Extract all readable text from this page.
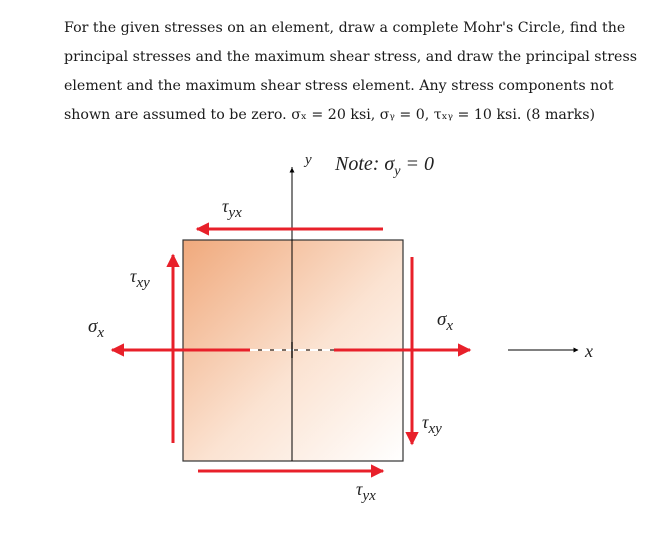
For the given stresses on an element, draw a complete Mohr's Circle, find the principal stresses and the maximum shear stress, and draw the principal stress element and the maximum shear stress element. Any stress components not shown are assumed to be zero. σₓ = 20 ksi, σᵧ = 0, τₓᵧ = 10 ksi. (8 marks)

y Note: $\sigma_y = 0$
$\tau_{yx}$
$\tau_{yx}$
$\tau_{xy}$
$\tau_{xy}$
$\sigma_x$
$\sigma_x$
x
